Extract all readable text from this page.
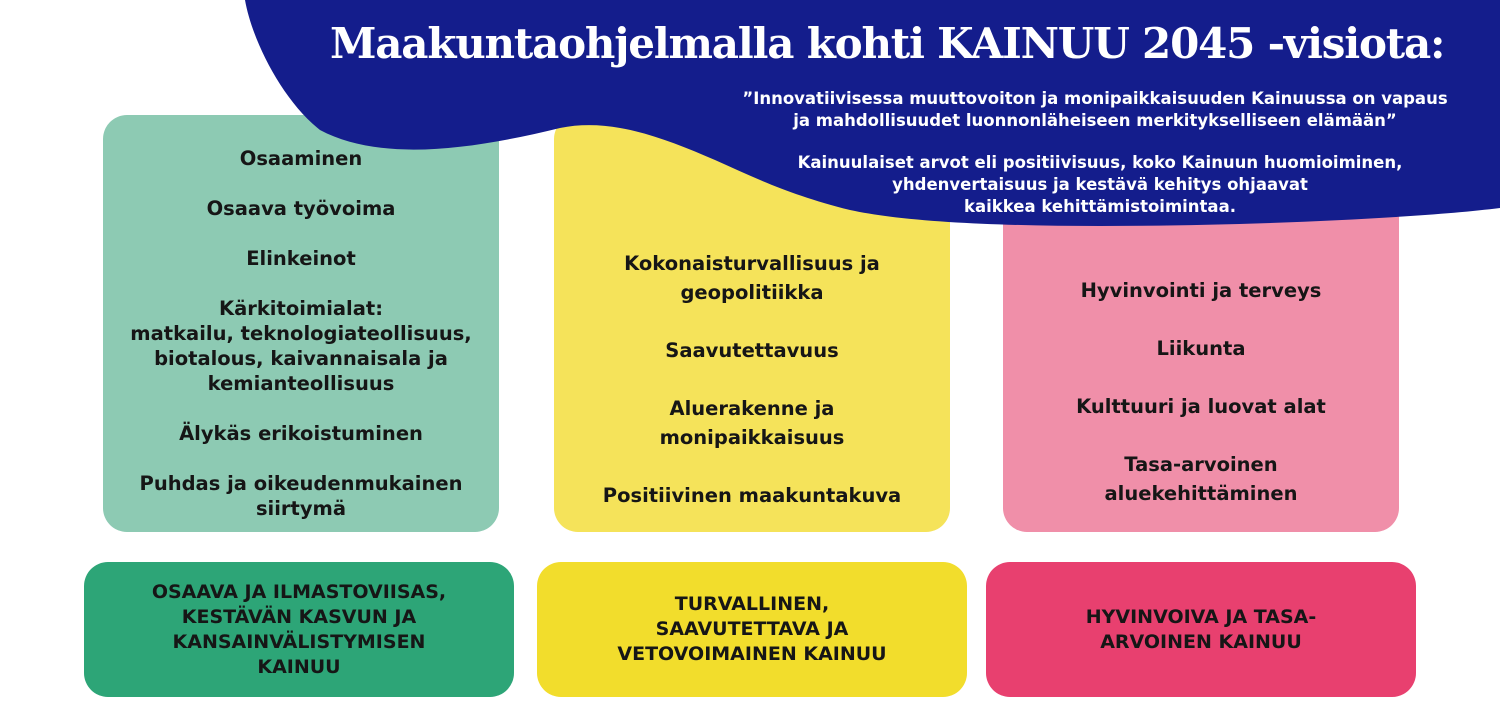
Osaaminen
Osaava työvoima
Elinkeinot
Kärkitoimialat:
matkailu, teknologiateollisuus,
biotalous, kaivannaisala ja
kemianteollisuus
Älykäs erikoistuminen
Puhdas ja oikeudenmukainen
siirtymä
Kokonaisturvallisuus ja
geopolitiikka
Saavutettavuus
Aluerakenne ja
monipaikkaisuus
Positiivinen maakuntakuva
Hyvinvointi ja terveys
Liikunta
Kulttuuri ja luovat alat
Tasa-arvoinen
aluekehittäminen
OSAAVA JA ILMASTOVIISAS,
KESTÄVÄN KASVUN JA
KANSAINVÄLISTYMISEN
KAINUU
TURVALLINEN,
SAAVUTETTAVA JA
VETOVOIMAINEN KAINUU
HYVINVOIVA JA TASA-
ARVOINEN KAINUU
Maakuntaohjelmalla kohti KAINUU 2045 -visiota:
”Innovatiivisessa muuttovoiton ja monipaikkaisuuden Kainuussa on vapaus
ja mahdollisuudet luonnonläheiseen merkitykselliseen elämään”
Kainuulaiset arvot eli positiivisuus, koko Kainuun huomioiminen,
yhdenvertaisuus ja kestävä kehitys ohjaavat
kaikkea kehittämistoimintaa.
